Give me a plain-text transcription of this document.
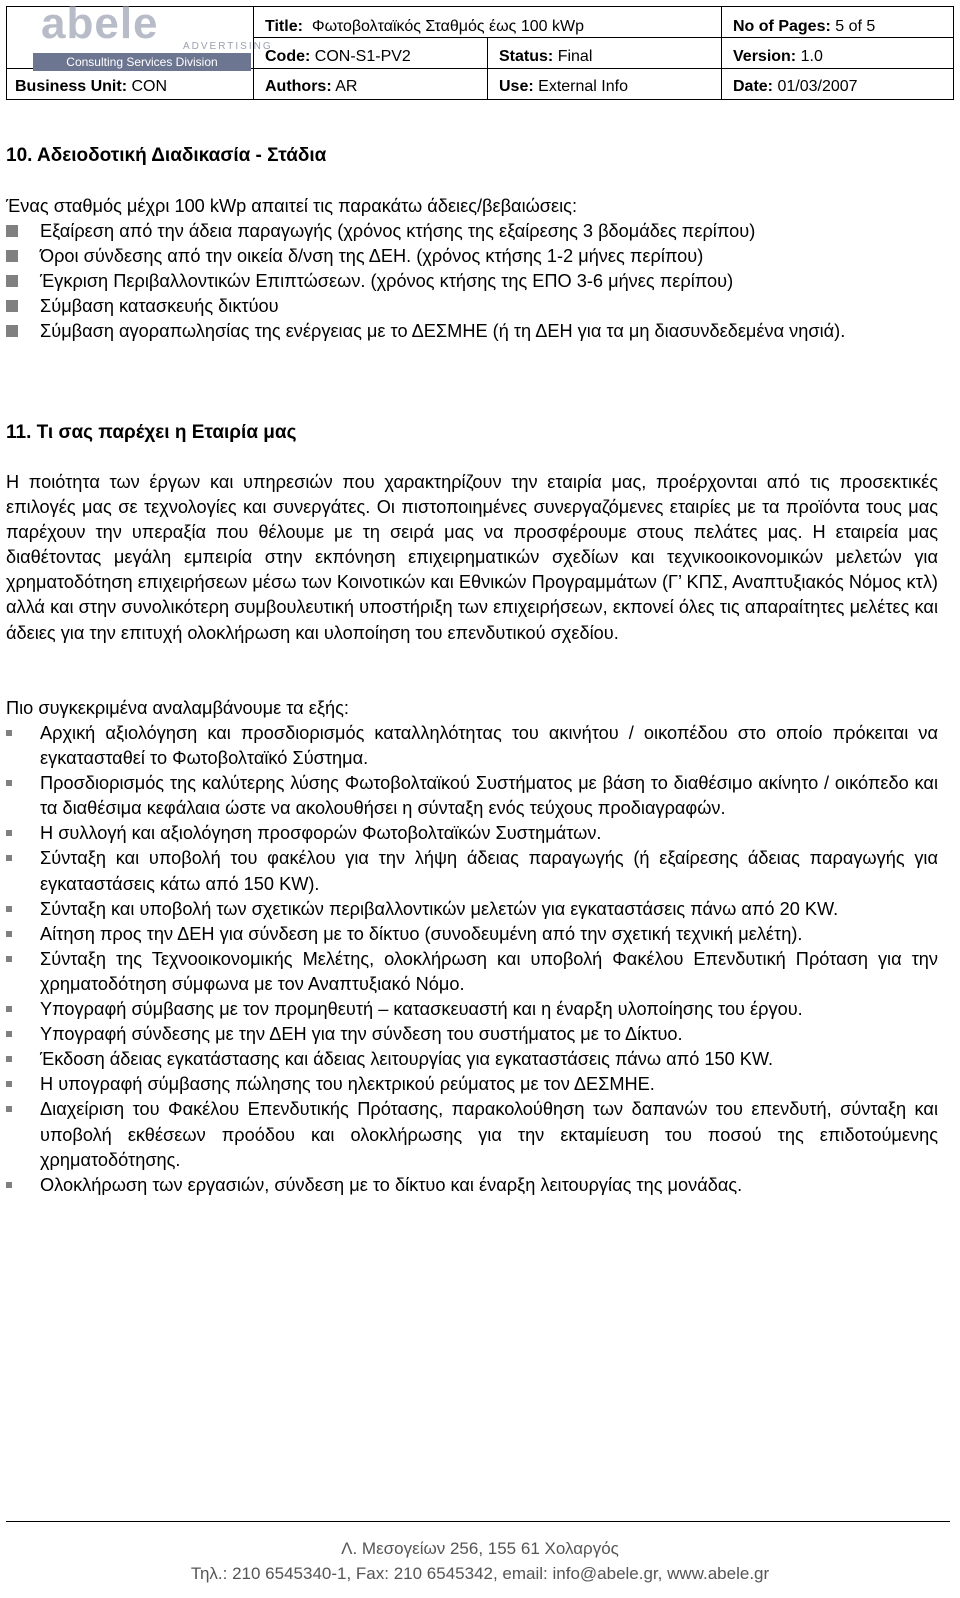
abele ADVERTISING
Consulting Services Division
Title: Φωτοβολταϊκός Σταθμός έως 100 kWp	No of Pages: 5 of 5
Code: CON-S1-PV2	Status: Final	Version: 1.0
Business Unit: CON	Authors: AR	Use: External Info	Date: 01/03/2007
10. Αδειοδοτική Διαδικασία - Στάδια
Ένας σταθμός μέχρι 100 kWp απαιτεί τις παρακάτω άδειες/βεβαιώσεις:
Εξαίρεση από την άδεια παραγωγής (χρόνος κτήσης της εξαίρεσης 3 βδομάδες περίπου)
Όροι σύνδεσης από την οικεία δ/νση της ΔΕΗ. (χρόνος κτήσης 1-2 μήνες περίπου)
Έγκριση Περιβαλλοντικών Επιπτώσεων. (χρόνος κτήσης της ΕΠΟ 3-6 μήνες περίπου)
Σύμβαση κατασκευής δικτύου
Σύμβαση αγοραπωλησίας της ενέργειας με το ΔΕΣΜΗΕ (ή τη ΔΕΗ για τα μη διασυνδεδεμένα νησιά).
11. Τι σας παρέχει η Εταιρία μας

Η ποιότητα των έργων και υπηρεσιών που χαρακτηρίζουν την εταιρία μας, προέρχονται από τις προσεκτικές επιλογές μας σε τεχνολογίες και συνεργάτες. Οι πιστοποιημένες συνεργαζόμενες εταιρίες με τα προϊόντα τους μας παρέχουν την υπεραξία που θέλουμε με τη σειρά μας να προσφέρουμε στους πελάτες μας. Η εταιρεία μας διαθέτοντας μεγάλη εμπειρία στην εκπόνηση επιχειρηματικών σχεδίων και τεχνικοοικονομικών μελετών για χρηματοδότηση επιχειρήσεων μέσω των Κοινοτικών και Εθνικών Προγραμμάτων (Γ’ ΚΠΣ, Αναπτυξιακός Νόμος κτλ) αλλά και στην συνολικότερη συμβουλευτική υποστήριξη των επιχειρήσεων, εκπονεί όλες τις απαραίτητες μελέτες και άδειες για την επιτυχή ολοκλήρωση και υλοποίηση του επενδυτικού σχεδίου.

Πιο συγκεκριμένα αναλαμβάνουμε τα εξής:
Αρχική αξιολόγηση και προσδιορισμός καταλληλότητας του ακινήτου / οικοπέδου στο οποίο πρόκειται να εγκατασταθεί το Φωτοβολταϊκό Σύστημα.
Προσδιορισμός της καλύτερης λύσης Φωτοβολταϊκού Συστήματος με βάση το διαθέσιμο ακίνητο / οικόπεδο και τα διαθέσιμα κεφάλαια ώστε να ακολουθήσει η σύνταξη ενός τεύχους προδιαγραφών.
Η συλλογή και αξιολόγηση προσφορών Φωτοβολταϊκών Συστημάτων.
Σύνταξη και υποβολή του φακέλου για την λήψη άδειας παραγωγής (ή εξαίρεσης άδειας παραγωγής για εγκαταστάσεις κάτω από 150 KW).
Σύνταξη και υποβολή των σχετικών περιβαλλοντικών μελετών για εγκαταστάσεις πάνω από 20 KW.
Αίτηση προς την ΔΕΗ για σύνδεση με το δίκτυο (συνοδευμένη από την σχετική τεχνική μελέτη).
Σύνταξη της Τεχνοοικονομικής Μελέτης, ολοκλήρωση και υποβολή Φακέλου Επενδυτική Πρόταση για την χρηματοδότηση σύμφωνα με τον Αναπτυξιακό Νόμο.
Υπογραφή σύμβασης με τον προμηθευτή – κατασκευαστή και η έναρξη υλοποίησης του έργου.
Υπογραφή σύνδεσης με την ΔΕΗ για την σύνδεση του συστήματος με το Δίκτυο.
Έκδοση άδειας εγκατάστασης και άδειας λειτουργίας για εγκαταστάσεις πάνω από 150 KW.
Η υπογραφή σύμβασης πώλησης του ηλεκτρικού ρεύματος με τον ΔΕΣΜΗΕ.
Διαχείριση του Φακέλου Επενδυτικής Πρότασης, παρακολούθηση των δαπανών του επενδυτή, σύνταξη και υποβολή εκθέσεων προόδου και ολοκλήρωσης για την εκταμίευση του ποσού της επιδοτούμενης χρηματοδότησης.
Ολοκλήρωση των εργασιών, σύνδεση με το δίκτυο και έναρξη λειτουργίας της μονάδας.
Λ. Μεσογείων 256, 155 61 Χολαργός
Τηλ.: 210 6545340-1, Fax: 210 6545342, email: info@abele.gr, www.abele.gr
